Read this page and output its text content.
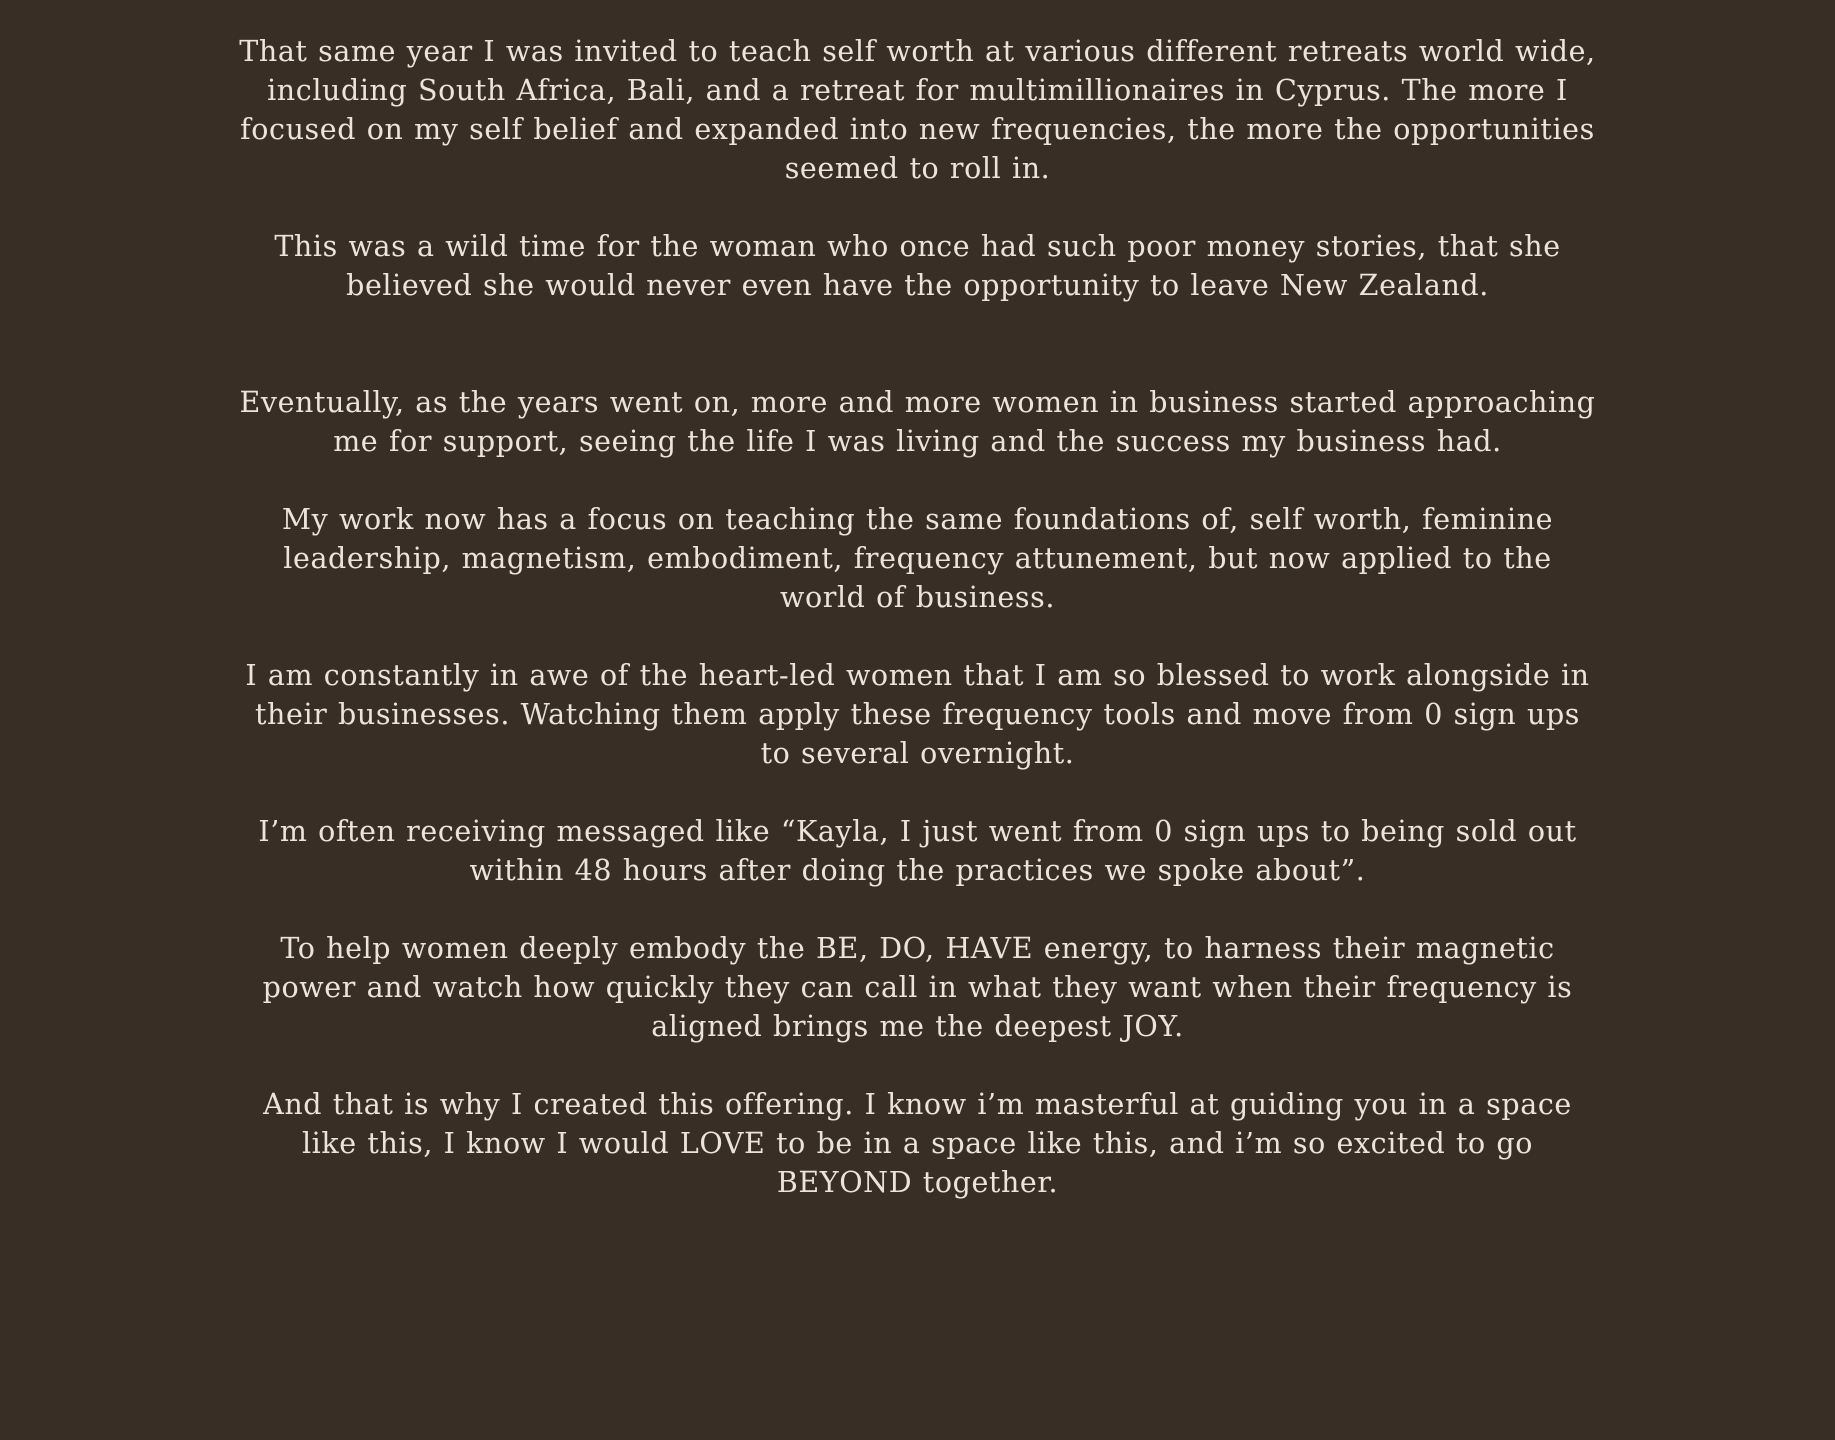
That same year I was invited to teach self worth at various different retreats world wide, including South Africa, Bali, and a retreat for multimillionaires in Cyprus. The more I focused on my self belief and expanded into new frequencies, the more the opportunities seemed to roll in.

This was a wild time for the woman who once had such poor money stories, that she believed she would never even have the opportunity to leave New Zealand.

Eventually, as the years went on, more and more women in business started approaching me for support, seeing the life I was living and the success my business had.

My work now has a focus on teaching the same foundations of, self worth, feminine leadership, magnetism, embodiment, frequency attunement, but now applied to the world of business.

I am constantly in awe of the heart-led women that I am so blessed to work alongside in their businesses. Watching them apply these frequency tools and move from 0 sign ups to several overnight.

I’m often receiving messaged like “Kayla, I just went from 0 sign ups to being sold out within 48 hours after doing the practices we spoke about”.

To help women deeply embody the BE, DO, HAVE energy, to harness their magnetic power and watch how quickly they can call in what they want when their frequency is aligned brings me the deepest JOY.

And that is why I created this offering. I know i’m masterful at guiding you in a space like this, I know I would LOVE to be in a space like this, and i’m so excited to go BEYOND together.
